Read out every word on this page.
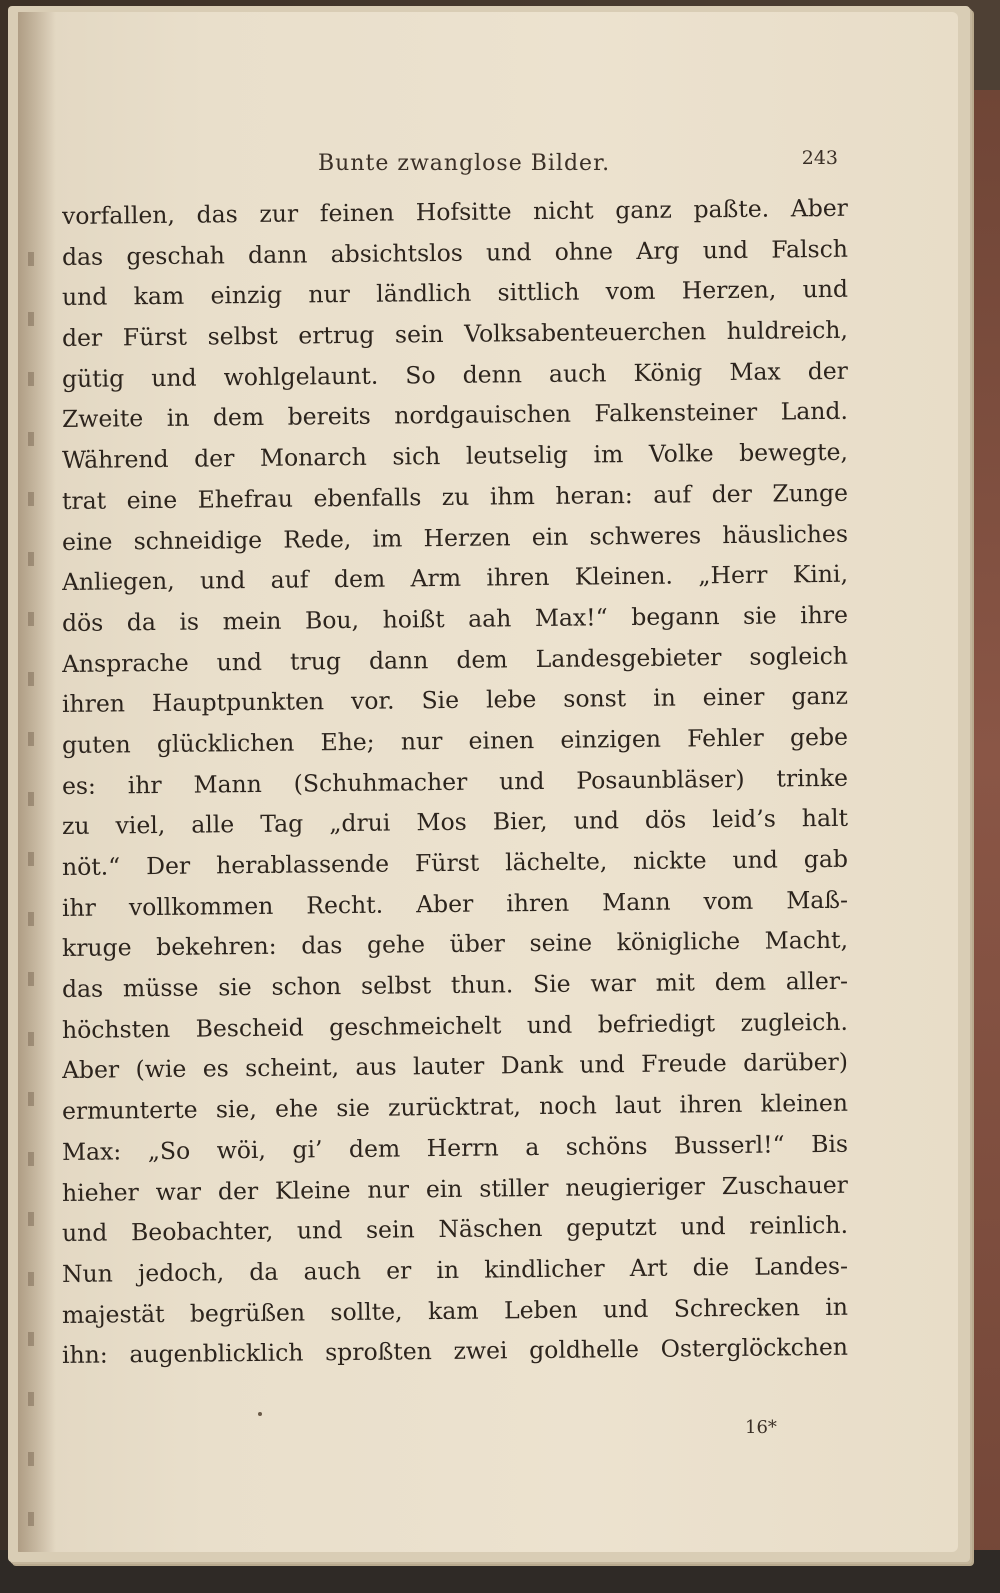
Bunte zwanglose Bilder.	243
16*
vorfallen, das zur feinen Hofsitte nicht ganz paßte. Aber
das geschah dann absichtslos und ohne Arg und Falsch
und kam einzig nur ländlich sittlich vom Herzen, und
der Fürst selbst ertrug sein Volksabenteuerchen huldreich,
gütig und wohlgelaunt. So denn auch König Max der
Zweite in dem bereits nordgauischen Falkensteiner Land.
Während der Monarch sich leutselig im Volke bewegte,
trat eine Ehefrau ebenfalls zu ihm heran: auf der Zunge
eine schneidige Rede, im Herzen ein schweres häusliches
Anliegen, und auf dem Arm ihren Kleinen. „Herr Kini,
dös da is mein Bou, hoißt aah Max!“ begann sie ihre
Ansprache und trug dann dem Landesgebieter sogleich
ihren Hauptpunkten vor. Sie lebe sonst in einer ganz
guten glücklichen Ehe; nur einen einzigen Fehler gebe
es: ihr Mann (Schuhmacher und Posaunbläser) trinke
zu viel, alle Tag „drui Mos Bier, und dös leid’s halt
nöt.“ Der herablassende Fürst lächelte, nickte und gab
ihr vollkommen Recht. Aber ihren Mann vom Maß-
kruge bekehren: das gehe über seine königliche Macht,
das müsse sie schon selbst thun. Sie war mit dem aller-
höchsten Bescheid geschmeichelt und befriedigt zugleich.
Aber (wie es scheint, aus lauter Dank und Freude darüber)
ermunterte sie, ehe sie zurücktrat, noch laut ihren kleinen
Max: „So wöi, gi’ dem Herrn a schöns Busserl!“ Bis
hieher war der Kleine nur ein stiller neugieriger Zuschauer
und Beobachter, und sein Näschen geputzt und reinlich.
Nun jedoch, da auch er in kindlicher Art die Landes-
majestät begrüßen sollte, kam Leben und Schrecken in
ihn: augenblicklich sproßten zwei goldhelle Osterglöckchen
